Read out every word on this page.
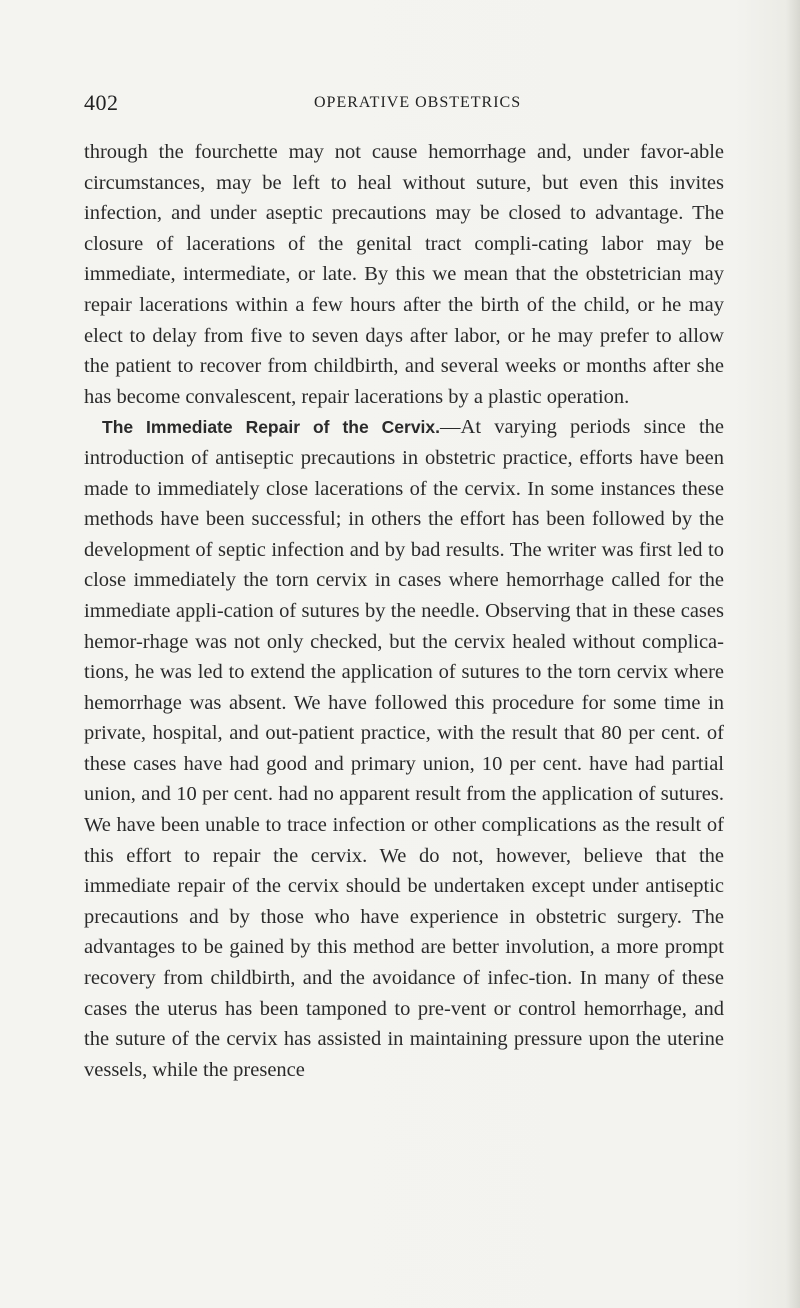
402	OPERATIVE OBSTETRICS

through the fourchette may not cause hemorrhage and, under favor-able circumstances, may be left to heal without suture, but even this invites infection, and under aseptic precautions may be closed to advantage. The closure of lacerations of the genital tract compli-cating labor may be immediate, intermediate, or late. By this we mean that the obstetrician may repair lacerations within a few hours after the birth of the child, or he may elect to delay from five to seven days after labor, or he may prefer to allow the patient to recover from childbirth, and several weeks or months after she has become convalescent, repair lacerations by a plastic operation.

The Immediate Repair of the Cervix.—At varying periods since the introduction of antiseptic precautions in obstetric practice, efforts have been made to immediately close lacerations of the cervix. In some instances these methods have been successful; in others the effort has been followed by the development of septic infection and by bad results. The writer was first led to close immediately the torn cervix in cases where hemorrhage called for the immediate appli-cation of sutures by the needle. Observing that in these cases hemor-rhage was not only checked, but the cervix healed without complica-tions, he was led to extend the application of sutures to the torn cervix where hemorrhage was absent. We have followed this procedure for some time in private, hospital, and out-patient practice, with the result that 80 per cent. of these cases have had good and primary union, 10 per cent. have had partial union, and 10 per cent. had no apparent result from the application of sutures. We have been unable to trace infection or other complications as the result of this effort to repair the cervix. We do not, however, believe that the immediate repair of the cervix should be undertaken except under antiseptic precautions and by those who have experience in obstetric surgery. The advantages to be gained by this method are better involution, a more prompt recovery from childbirth, and the avoidance of infec-tion. In many of these cases the uterus has been tamponed to pre-vent or control hemorrhage, and the suture of the cervix has assisted in maintaining pressure upon the uterine vessels, while the presence
